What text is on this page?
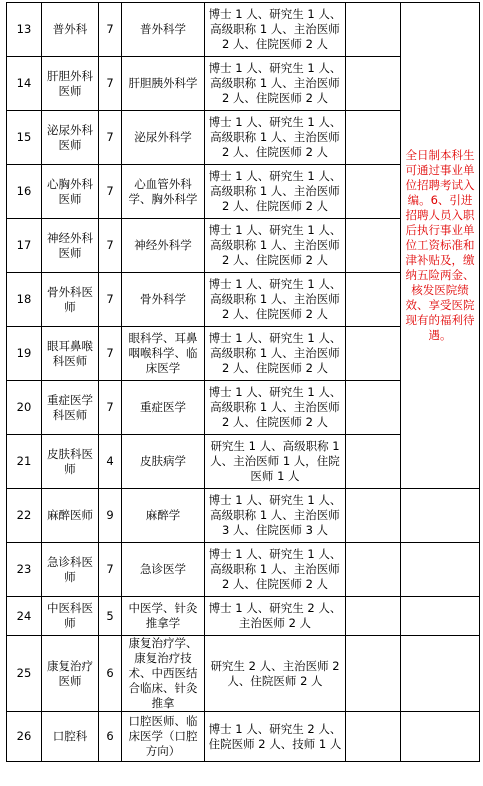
13	普外科	7	普外科学	博士 1 人、研究生 1 人、高级职称 1 人、主治医师 2 人、住院医师 2 人		全日制本科生可通过事业单位招聘考试入编。6、引进招聘人员入职后执行事业单位工资标准和津补贴及，缴纳五险两金、核发医院绩效、享受医院现有的福利待遇。
14	肝胆外科医师	7	肝胆胰外科学	博士 1 人、研究生 1 人、高级职称 1 人、主治医师 2 人、住院医师 2 人		
15	泌尿外科医师	7	泌尿外科学	博士 1 人、研究生 1 人、高级职称 1 人、主治医师 2 人、住院医师 2 人		
16	心胸外科医师	7	心血管外科学、胸外科学	博士 1 人、研究生 1 人、高级职称 1 人、主治医师 2 人、住院医师 2 人		
17	神经外科医师	7	神经外科学	博士 1 人、研究生 1 人、高级职称 1 人、主治医师 2 人、住院医师 2 人		
18	骨外科医师	7	骨外科学	博士 1 人、研究生 1 人、高级职称 1 人、主治医师 2 人、住院医师 2 人		
19	眼耳鼻喉科医师	7	眼科学、耳鼻咽喉科学、临床医学	博士 1 人、研究生 1 人、高级职称 1 人、主治医师 2 人、住院医师 2 人		
20	重症医学科医师	7	重症医学	博士 1 人、研究生 1 人、高级职称 1 人、主治医师 2 人、住院医师 2 人		
21	皮肤科医师	4	皮肤病学	研究生 1 人、高级职称 1 人、主治医师 1 人，住院医师 1 人		
22	麻醉医师	9	麻醉学	博士 1 人、研究生 1 人、高级职称 1 人、主治医师 3 人、住院医师 3 人		
23	急诊科医师	7	急诊医学	博士 1 人、研究生 1 人、高级职称 1 人、主治医师 2 人、住院医师 2 人		
24	中医科医师	5	中医学、针灸推拿学	博士 1 人、研究生 2 人、主治医师 2 人		
25	康复治疗医师	6	康复治疗学、康复治疗技术、中西医结合临床、针灸推拿	研究生 2 人、主治医师 2 人、住院医师 2 人		
26	口腔科	6	口腔医师、临床医学（口腔方向）	博士 1 人、研究生 2 人、住院医师 2 人、技师 1 人		
